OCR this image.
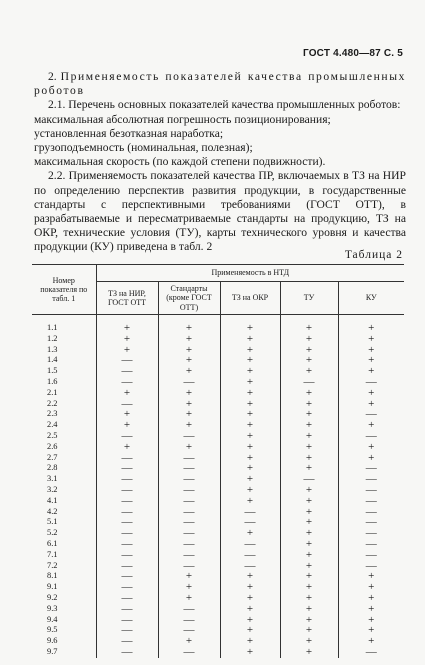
ГОСТ 4.480—87 С. 5

2. Применяемость показателей качества промышленных роботов

2.1. Перечень основных показателей качества промышленных роботов:

максимальная абсолютная погрешность позиционирования;

установленная безотказная наработка;

грузоподъемность (номинальная, полезная);

максимальная скорость (по каждой степени подвижности).

2.2. Применяемость показателей качества ПР, включаемых в ТЗ на НИР по определению перспектив развития продукции, в государственные стандарты с перспективными требованиями (ГОСТ ОТТ), в разрабатываемые и пересматриваемые стандарты на продукцию, ТЗ на ОКР, технические условия (ТУ), карты технического уровня и качества продукции (КУ) приведена в табл. 2

Таблица 2
Номер показателя по табл. 1	Применяемость в НТД				
	ТЗ на НИР, ГОСТ ОТТ	Стандарты (кроме ГОСТ ОТТ)	ТЗ на ОКР	ТУ	КУ
1.1	+	+	+	+	+
1.2	+	+	+	+	+
1.3	+	+	+	+	+
1.4	—	+	+	+	+
1.5	—	+	+	+	+
1.6	—	—	+	—	—
2.1	+	+	+	+	+
2.2	—	+	+	+	+
2.3	+	+	+	+	—
2.4	+	+	+	+	+
2.5	—	—	+	+	—
2.6	+	+	+	+	+
2.7	—	—	+	+	+
2.8	—	—	+	+	—
3.1	—	—	+	—	—
3.2	—	—	+	+	—
4.1	—	—	+	+	—
4.2	—	—	—	+	—
5.1	—	—	—	+	—
5.2	—	—	+	+	—
6.1	—	—	—	+	—
7.1	—	—	—	+	—
7.2	—	—	—	+	—
8.1	—	+	+	+	+
9.1	—	+	+	+	+
9.2	—	+	+	+	+
9.3	—	—	+	+	+
9.4	—	—	+	+	+
9.5	—	—	+	+	+
9.6	—	+	+	+	+
9.7	—	—	+	+	—
